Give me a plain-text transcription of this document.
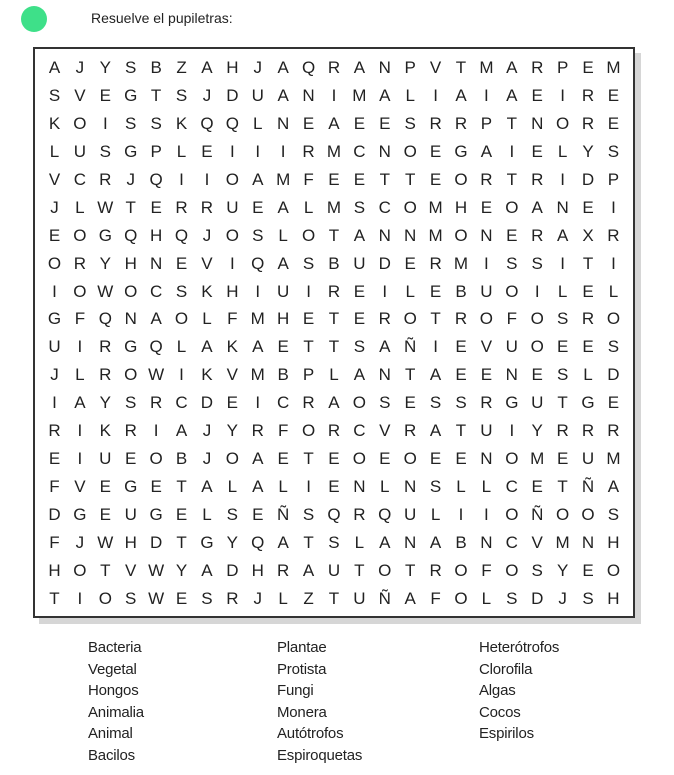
Resuelve el pupiletras:
A J Y S B Z A H J A Q R A N P V T M A R P E M
S V E G T S J D U A N I M A L	I	A	I	A E	I R E
K O I	S S K Q Q L N E A E E S R R P T N O R E
L U S G P L E	I	I	I R M C N O E G A	I	E L Y S
V C R J Q I	I O A M F E E T T E O R T R I D P
J L W T E R R U E A L M S C O M H E O A N E	I
E O G Q H Q J O S L O T A N N M O N E R A X R
O R Y H N E V	I Q A S B U D E R M I	S S	I	T	I
I O W O C S K H I U I R E	I	L E B U O I	L E L
G F Q N A O L F M H E T E R O T R O F O S R O
U I R G Q L A K A E T T S A Ñ I	E V U O E E S
J L R O W I	K V M B P L A N T A E E N E S L D
I	A Y S R C D E	I C R A O S E S S R G U T G E
R I	K R I	A J Y R F O R C V R A T U I	Y R R R
E	I U E O B J O A E T E O E O E E N O M E U M
F V E G E T A L A L	I	E N L N S L L C E T Ñ A
D G E U G E L S E Ñ S Q R Q U L	I	I O Ñ O O S
F J W H D T G Y Q A T S L A N A B N C V M N H
H O T V W Y A D H R A U T O T R O F O S Y E O
T	I O S W E S R J L Z T U Ñ A F O L S D J S H
Bacteria
Vegetal
Hongos
Animalia
Animal
Bacilos
Plantae
Protista
Fungi
Monera
Autótrofos
Espiroquetas
Heterótrofos
Clorofila
Algas
Cocos
Espirilos
